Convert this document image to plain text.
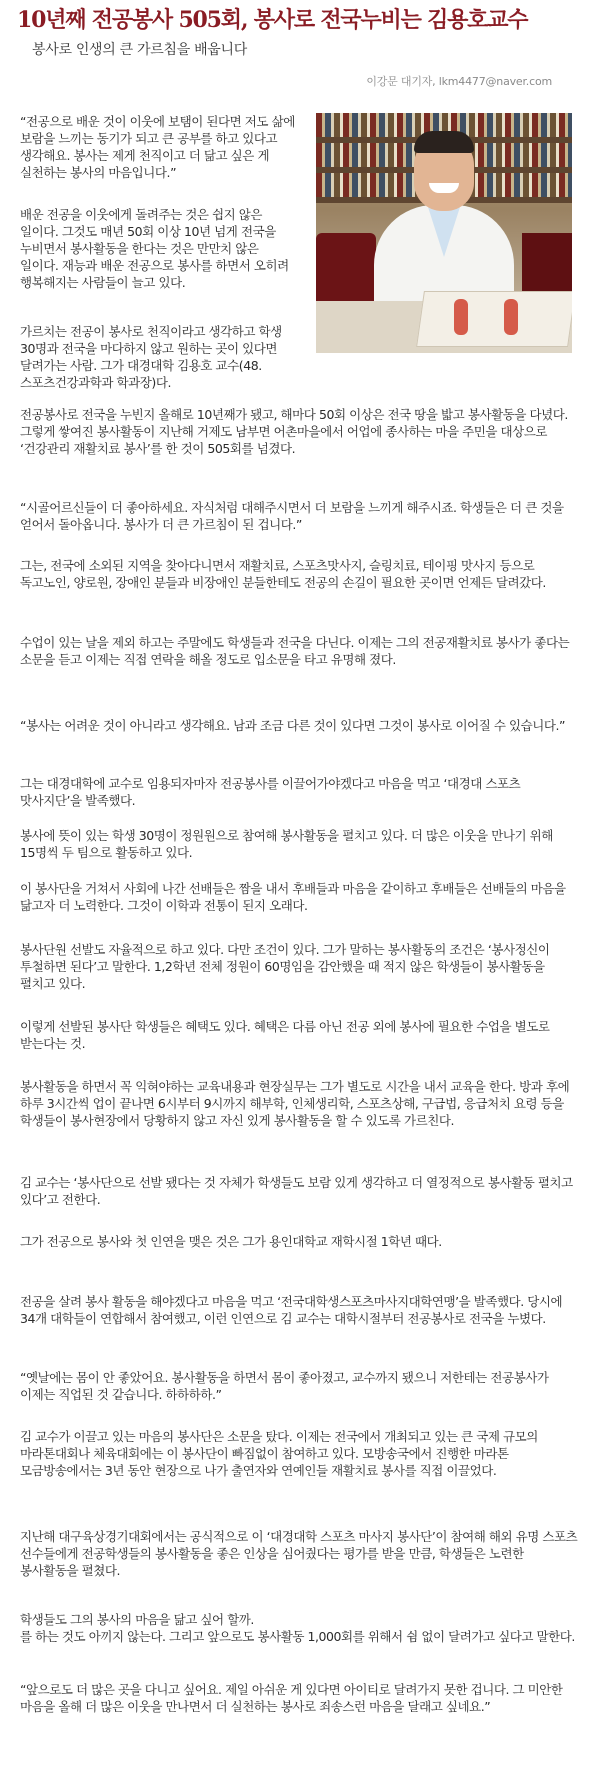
10년째 전공봉사 505회, 봉사로 전국누비는 김용호교수
봉사로 인생의 큰 가르침을 배웁니다
이강문 대기자, lkm4477@naver.com

“전공으로 배운 것이 이웃에 보탬이 된다면 저도 삶에 보람을 느끼는 동기가 되고 큰 공부를 하고 있다고 생각해요. 봉사는 제게 천직이고 더 닮고 싶은 게 실천하는 봉사의 마음입니다.”

배운 전공을 이웃에게 돌려주는 것은 쉽지 않은 일이다. 그것도 매년 50회 이상 10년 넘게 전국을 누비면서 봉사활동을 한다는 것은 만만치 않은 일이다. 재능과 배운 전공으로 봉사를 하면서 오히려 행복해지는 사람들이 늘고 있다.

가르치는 전공이 봉사로 천직이라고 생각하고 학생 30명과 전국을 마다하지 않고 원하는 곳이 있다면 달려가는 사람. 그가 대경대학 김용호 교수(48.스포츠건강과학과 학과장)다.

전공봉사로 전국을 누빈지 올해로 10년째가 됐고, 해마다 50회 이상은 전국 땅을 밟고 봉사활동을 다녔다. 그렇게 쌓여진 봉사활동이 지난해 거제도 남부면 어촌마을에서 어업에 종사하는 마을 주민을 대상으로 ‘건강관리 재활치료 봉사’를 한 것이 505회를 넘겼다.

“시골어르신들이 더 좋아하세요. 자식처럼 대해주시면서 더 보람을 느끼게 해주시죠. 학생들은 더 큰 것을 얻어서 돌아옵니다. 봉사가 더 큰 가르침이 된 겁니다.”

그는, 전국에 소외된 지역을 찾아다니면서 재활치료, 스포츠맛사지, 슬링치료, 테이핑 맛사지 등으로 독고노인, 양로원, 장애인 분들과 비장애인 분들한테도 전공의 손길이 필요한 곳이면 언제든 달려갔다.

수업이 있는 날을 제외 하고는 주말에도 학생들과 전국을 다닌다. 이제는 그의 전공재활치료 봉사가 좋다는 소문을 듣고 이제는 직접 연락을 해올 정도로 입소문을 타고 유명해 졌다.

“봉사는 어려운 것이 아니라고 생각해요. 남과 조금 다른 것이 있다면 그것이 봉사로 이어질 수 있습니다.”

그는 대경대학에 교수로 임용되자마자 전공봉사를 이끌어가야겠다고 마음을 먹고 ‘대경대 스포츠 맛사지단’을 발족했다.

봉사에 뜻이 있는 학생 30명이 정원원으로 참여해 봉사활동을 펼치고 있다. 더 많은 이웃을 만나기 위해 15명씩 두 팀으로 활동하고 있다.

이 봉사단을 거쳐서 사회에 나간 선배들은 짬을 내서 후배들과 마음을 같이하고 후배들은 선배들의 마음을 닮고자 더 노력한다. 그것이 이학과 전통이 된지 오래다.

봉사단원 선발도 자율적으로 하고 있다. 다만 조건이 있다. 그가 말하는 봉사활동의 조건은 ‘봉사정신이 투철하면 된다’고 말한다. 1,2학년 전체 정원이 60명임을 감안했을 때 적지 않은 학생들이 봉사활동을 펼치고 있다.

이렇게 선발된 봉사단 학생들은 혜택도 있다. 혜택은 다름 아닌 전공 외에 봉사에 필요한 수업을 별도로 받는다는 것.

봉사활동을 하면서 꼭 익혀야하는 교육내용과 현장실무는 그가 별도로 시간을 내서 교육을 한다. 방과 후에 하루 3시간씩 업이 끝나면 6시부터 9시까지 해부학, 인체생리학, 스포츠상해, 구급법, 응급처치 요령 등을 학생들이 봉사현장에서 당황하지 않고 자신 있게 봉사활동을 할 수 있도록 가르친다.

김 교수는 ‘봉사단으로 선발 됐다는 것 자체가 학생들도 보람 있게 생각하고 더 열정적으로 봉사활동 펼치고 있다’고 전한다.

그가 전공으로 봉사와 첫 인연을 맺은 것은 그가 용인대학교 재학시절 1학년 때다.

전공을 살려 봉사 활동을 해야겠다고 마음을 먹고 ‘전국대학생스포츠마사지대학연맹’을 발족했다. 당시에 34개 대학들이 연합해서 참여했고, 이런 인연으로 김 교수는 대학시절부터 전공봉사로 전국을 누볐다.

“옛날에는 몸이 안 좋았어요. 봉사활동을 하면서 몸이 좋아졌고, 교수까지 됐으니 저한테는 전공봉사가 이제는 직업된 것 같습니다. 하하하하.”

김 교수가 이끌고 있는 마음의 봉사단은 소문을 탔다. 이제는 전국에서 개최되고 있는 큰 국제 규모의 마라톤대회나 체육대회에는 이 봉사단이 빠짐없이 참여하고 있다. 모방송국에서 진행한 마라톤 모금방송에서는 3년 동안 현장으로 나가 출연자와 연예인들 재활치료 봉사를 직접 이끌었다.

지난해 대구육상경기대회에서는 공식적으로 이 ‘대경대학 스포츠 마사지 봉사단’이 참여해 해외 유명 스포츠 선수들에게 전공학생들의 봉사활동을 좋은 인상을 심어줬다는 평가를 받을 만큼, 학생들은 노련한 봉사활동을 펼쳤다.

학생들도 그의 봉사의 마음을 닮고 싶어 할까.
를 하는 것도 아끼지 않는다. 그리고 앞으로도 봉사활동 1,000회를 위해서 쉼 없이 달려가고 싶다고 말한다.

“앞으로도 더 많은 곳을 다니고 싶어요. 제일 아쉬운 게 있다면 아이티로 달려가지 못한 겁니다. 그 미안한 마음을 올해 더 많은 이웃을 만나면서 더 실천하는 봉사로 죄송스런 마음을 달래고 싶네요.”
